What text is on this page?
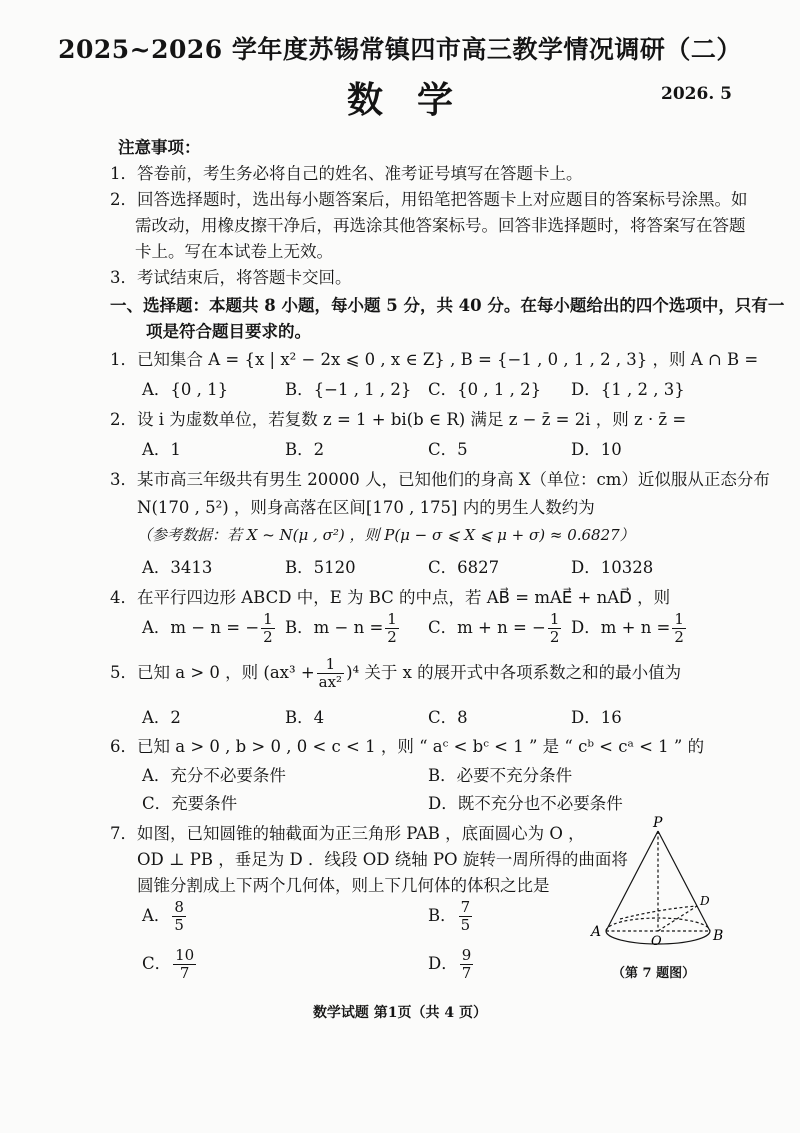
2025~2026 学年度苏锡常镇四市高三教学情况调研（二）
数学	2026. 5
注意事项：
1．答卷前，考生务必将自己的姓名、准考证号填写在答题卡上。
2．回答选择题时，选出每小题答案后，用铅笔把答题卡上对应题目的答案标号涂黑。如
需改动，用橡皮擦干净后，再选涂其他答案标号。回答非选择题时，将答案写在答题
卡上。写在本试卷上无效。
3．考试结束后，将答题卡交回。
一、选择题：本题共 8 小题，每小题 5 分，共 40 分。在每小题给出的四个选项中，只有一
项是符合题目要求的。
1．已知集合 A = {x | x² − 2x ⩽ 0 , x ∈ Z} , B = {−1 , 0 , 1 , 2 , 3} ，则 A ∩ B =
A．{0 , 1}	B．{−1 , 1 , 2} C．{0 , 1 , 2} D．{1 , 2 , 3}
2．设 i 为虚数单位，若复数 z = 1 + bi(b ∈ R) 满足 z − z̄ = 2i ，则 z · z̄ =
A．1	B．2	C．5	D．10
3．某市高三年级共有男生 20000 人，已知他们的身高 X（单位：cm）近似服从正态分布
N(170 , 5²) ，则身高落在区间[170 , 175] 内的男生人数约为
（参考数据：若 X ~ N(μ , σ²) ，则 P(μ − σ ⩽ X ⩽ μ + σ) ≈ 0.6827）
A．3413	B．5120	C．6827	D．10328
4．在平行四边形 ABCD 中，E 为 BC 的中点，若 AB⃗ = mAE⃗ + nAD⃗ ，则
A．m − n = − $\frac{1}{2}$ B．$m - n = \frac{1}{2}$ C．m + n = − $\frac{1}{2}$ D．$m + n = \frac{1}{2}$
5．已知 a > 0 ，则 $(ax^3 + \frac{1}{\text{ax²}} )^4$ 关于 x 的展开式中各项系数之和的最小值为
A．2	B．4	C．8	D．16
6．已知 a > 0 , b > 0 , 0 < c < 1 ，则 “ aᶜ < bᶜ < 1 ” 是 “ cᵇ < cᵃ < 1 ” 的
A．充分不必要条件	B．必要不充分条件
C．充要条件	D．既不充分也不必要条件
7．如图，已知圆锥的轴截面为正三角形 PAB ，底面圆心为 O ，
OD ⊥ PB ，垂足为 D ．线段 OD 绕轴 PO 旋转一周所得的曲面将
圆锥分割成上下两个几何体，则上下几何体的体积之比是
A． $\frac{8}{5}$	B． $\frac{7}{5}$
C． $\frac{10}{7}$	D． $\frac{9}{7}$
P
A
O	B
D
（第 7 题图）
数学试题 第1页（共 4 页）
